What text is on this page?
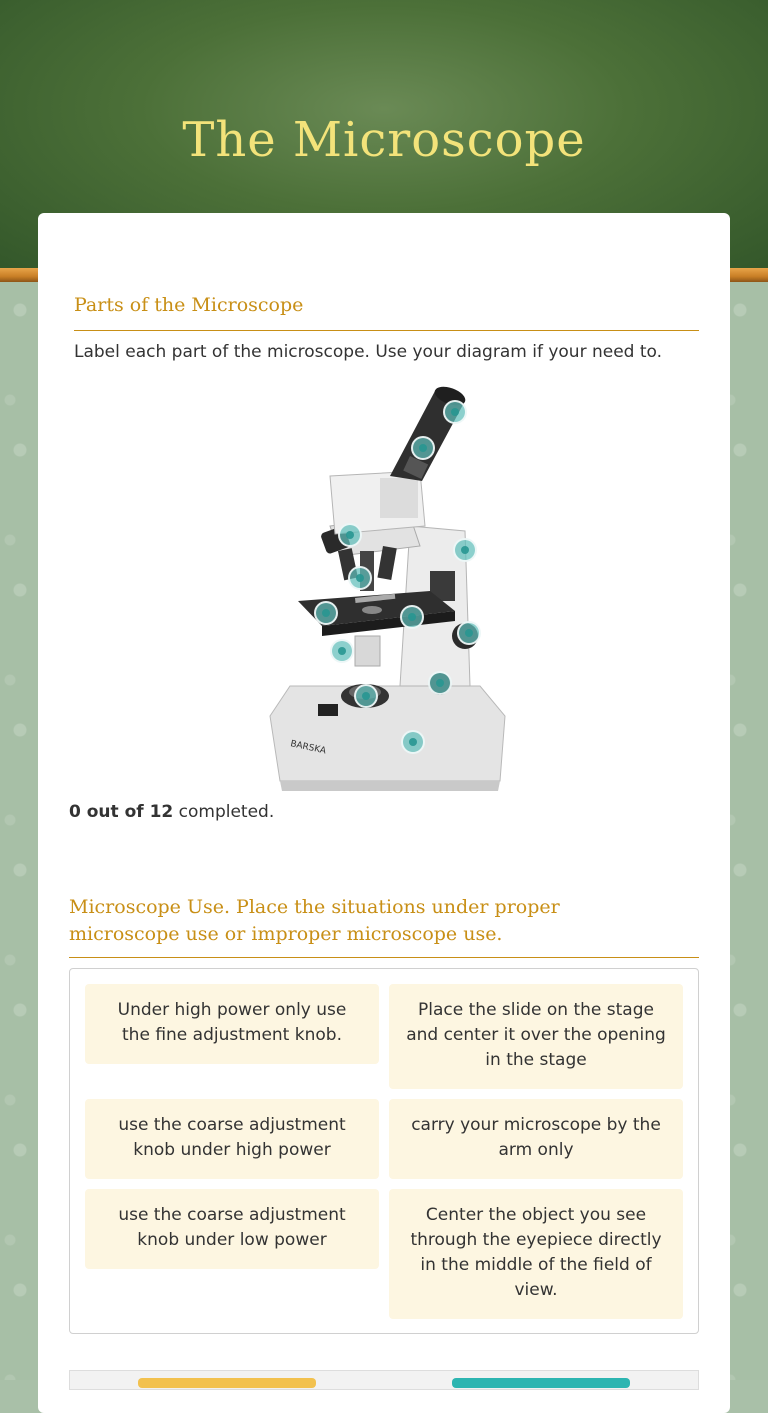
The Microscope
Parts of the Microscope
Label each part of the microscope. Use your diagram if your need to.
BARSKA
0 out of 12 completed.
Microscope Use. Place the situations under proper microscope use or improper microscope use.
Under high power only use the fine adjustment knob.
Place the slide on the stage and center it over the opening in the stage
use the coarse adjustment knob under high power
carry your microscope by the arm only
use the coarse adjustment knob under low power
Center the object you see through the eyepiece directly in the middle of the field of view.
